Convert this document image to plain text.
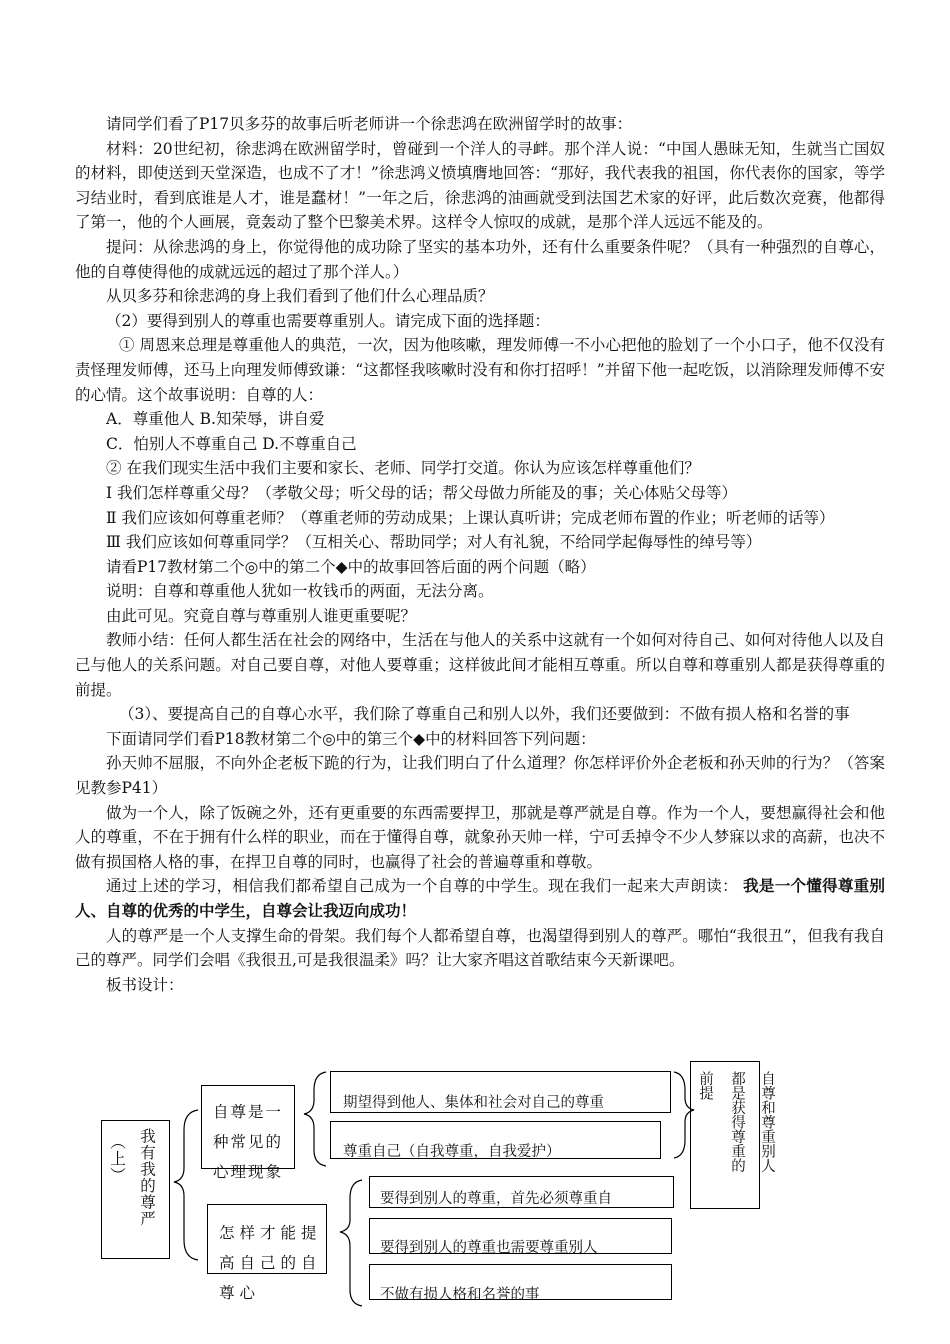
请同学们看了P17贝多芬的故事后听老师讲一个徐悲鸿在欧洲留学时的故事：

材料：20世纪初，徐悲鸿在欧洲留学时，曾碰到一个洋人的寻衅。那个洋人说：“中国人愚昧无知，生就当亡国奴的材料，即使送到天堂深造，也成不了才！”徐悲鸿义愤填膺地回答：“那好，我代表我的祖国，你代表你的国家，等学习结业时，看到底谁是人才，谁是蠢材！”一年之后，徐悲鸿的油画就受到法国艺术家的好评，此后数次竞赛，他都得了第一，他的个人画展，竟轰动了整个巴黎美术界。这样令人惊叹的成就，是那个洋人远远不能及的。

提问：从徐悲鸿的身上，你觉得他的成功除了坚实的基本功外，还有什么重要条件呢？（具有一种强烈的自尊心，他的自尊使得他的成就远远的超过了那个洋人。）

从贝多芬和徐悲鸿的身上我们看到了他们什么心理品质？

（2）要得到别人的尊重也需要尊重别人。请完成下面的选择题：

① 周恩来总理是尊重他人的典范，一次，因为他咳嗽，理发师傅一不小心把他的脸划了一个小口子，他不仅没有责怪理发师傅，还马上向理发师傅致谦：“这都怪我咳嗽时没有和你打招呼！”并留下他一起吃饭，以消除理发师傅不安的心情。这个故事说明：自尊的人：

A．尊重他人 B.知荣辱，讲自爱

C．怕别人不尊重自己 D.不尊重自己

② 在我们现实生活中我们主要和家长、老师、同学打交道。你认为应该怎样尊重他们？

Ⅰ 我们怎样尊重父母？（孝敬父母；听父母的话；帮父母做力所能及的事；关心体贴父母等）

Ⅱ 我们应该如何尊重老师？（尊重老师的劳动成果；上课认真听讲；完成老师布置的作业；听老师的话等）

Ⅲ 我们应该如何尊重同学？（互相关心、帮助同学；对人有礼貌，不给同学起侮辱性的绰号等）

请看P17教材第二个◎中的第二个◆中的故事回答后面的两个问题（略）

说明：自尊和尊重他人犹如一枚钱币的两面，无法分离。

由此可见。究竟自尊与尊重别人谁更重要呢？

教师小结：任何人都生活在社会的网络中，生活在与他人的关系中这就有一个如何对待自己、如何对待他人以及自己与他人的关系问题。对自己要自尊，对他人要尊重；这样彼此间才能相互尊重。所以自尊和尊重别人都是获得尊重的前提。

（3）、要提高自己的自尊心水平，我们除了尊重自己和别人以外，我们还要做到：不做有损人格和名誉的事

下面请同学们看P18教材第二个◎中的第三个◆中的材料回答下列问题：

孙天帅不屈服，不向外企老板下跪的行为，让我们明白了什么道理？你怎样评价外企老板和孙天帅的行为？（答案见教参P41）

做为一个人，除了饭碗之外，还有更重要的东西需要捍卫，那就是尊严就是自尊。作为一个人，要想赢得社会和他人的尊重，不在于拥有什么样的职业，而在于懂得自尊，就象孙天帅一样，宁可丢掉令不少人梦寐以求的高薪，也决不做有损国格人格的事，在捍卫自尊的同时，也赢得了社会的普遍尊重和尊敬。

通过上述的学习，相信我们都希望自己成为一个自尊的中学生。现在我们一起来大声朗读： 我是一个懂得尊重别人、自尊的优秀的中学生，自尊会让我迈向成功！

人的尊严是一个人支撑生命的骨架。我们每个人都希望自尊，也渴望得到别人的尊严。哪怕“我很丑”，但我有我自己的尊严。同学们会唱《我很丑,可是我很温柔》吗？让大家齐唱这首歌结束今天新课吧。

板书设计：

我有我的尊严
（上）
自尊是一种常见的心理现象
期望得到他人、集体和社会对自己的尊重
尊重自己（自我尊重，自我爱护）
怎样才能提高自己的自尊心
要得到别人的尊重，首先必须尊重自
要得到别人的尊重也需要尊重别人
不做有损人格和名誉的事
自尊和尊重别人
都是获得尊重的
前提
